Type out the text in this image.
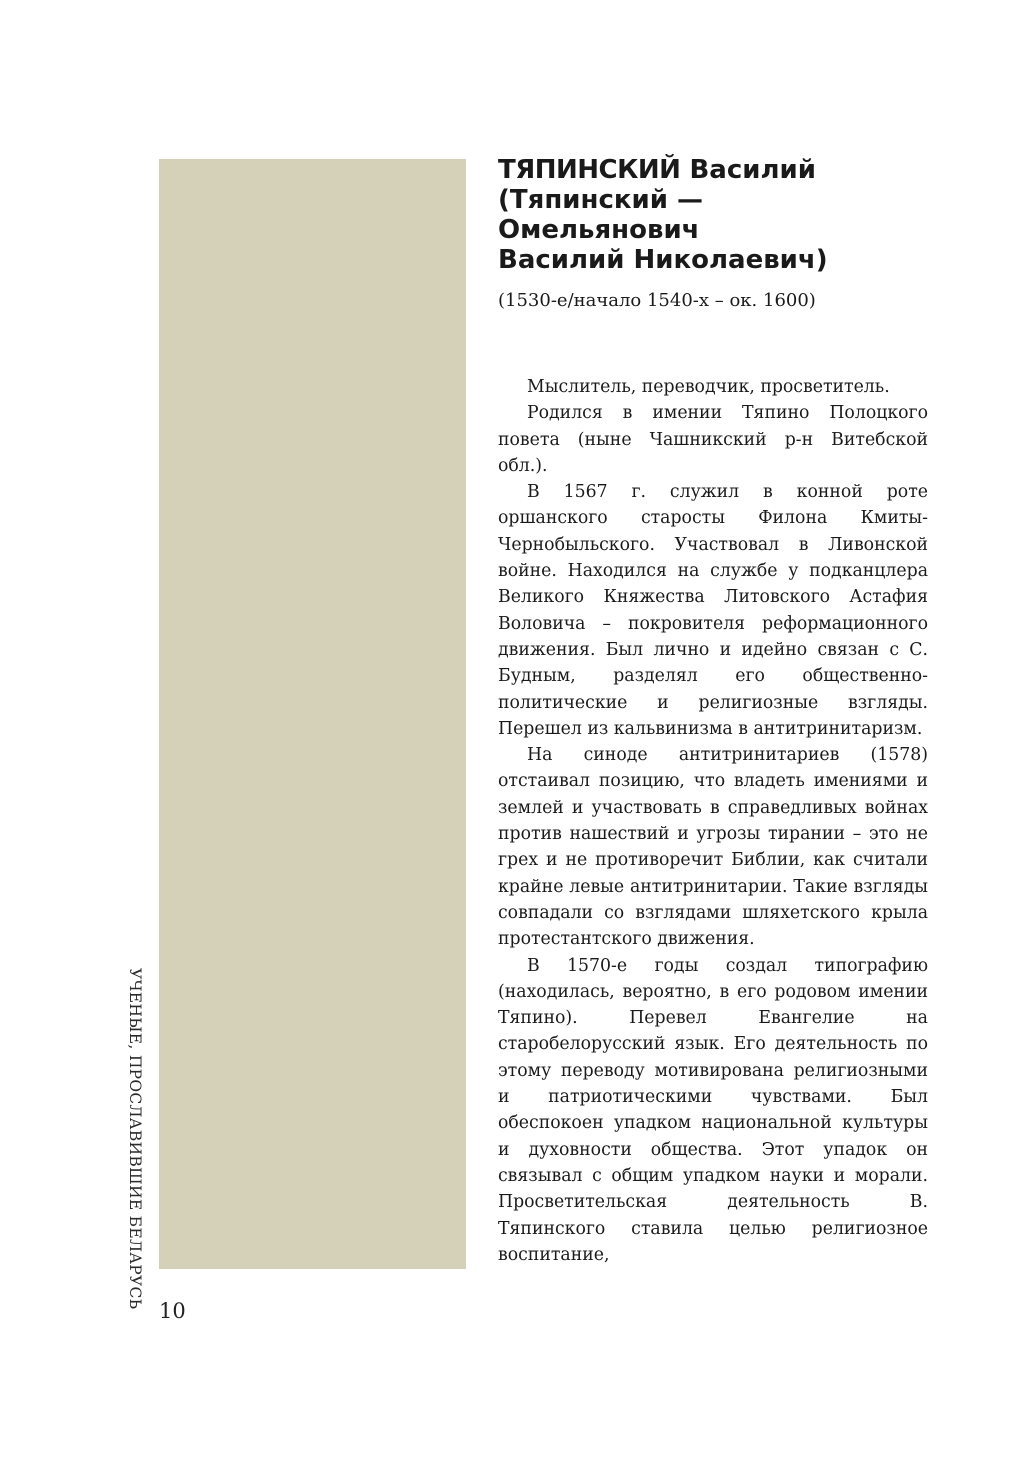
УЧЕНЫЕ, ПРОСЛАВИВШИЕ БЕЛАРУСЬ
10
ТЯПИНСКИЙ Василий
(Тяпинский —
Омельянович
Василий Николаевич)
(1530-е/начало 1540-х – ок. 1600)

Мыслитель, переводчик, просветитель.

Родился в имении Тяпино Полоцкого повета (ныне Чашникский р-н Витебской обл.).

В 1567 г. служил в конной роте оршанского старосты Филона Кмиты-Чернобыльского. Участвовал в Ливонской войне. Находился на службе у подканцлера Великого Княжества Литовского Астафия Воловича – покровителя реформационного движения. Был лично и идейно связан с С. Будным, разделял его общественно-политические и религиозные взгляды. Перешел из кальвинизма в антитринитаризм.

На синоде антитринитариев (1578) отстаивал позицию, что владеть имениями и землей и участвовать в справедливых войнах против нашествий и угрозы тирании – это не грех и не противоречит Библии, как считали крайне левые антитринитарии. Такие взгляды совпадали со взглядами шляхетского крыла протестантского движения.

В 1570-е годы создал типографию (находилась, вероятно, в его родовом имении Тяпино). Перевел Евангелие на старобелорусский язык. Его деятельность по этому переводу мотивирована религиозными и патриотическими чувствами. Был обеспокоен упадком национальной культуры и духовности общества. Этот упадок он связывал с общим упадком науки и морали. Просветительская деятельность В. Тяпинского ставила целью религиозное воспитание,
